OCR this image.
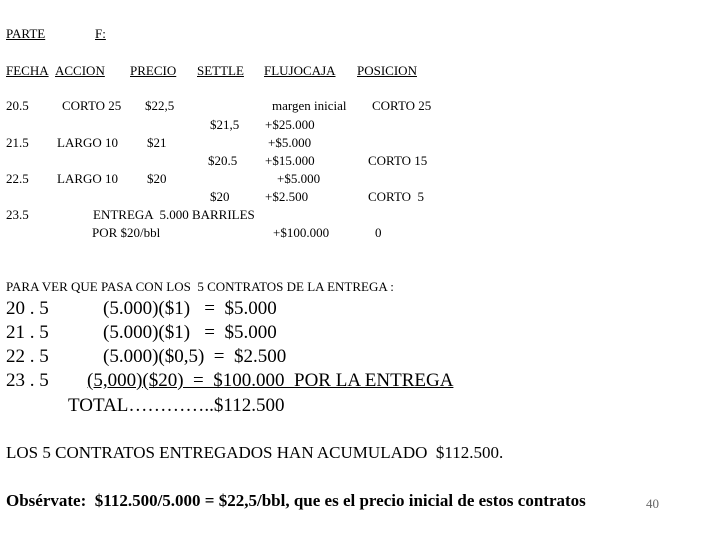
PARTE	F:
FECHA ACCION PRECIO SETTLE FLUJOCAJA POSICION
20.5	CORTO 25 $22,5	margen inicial CORTO 25
$21,5 +$25.000
21.5 LARGO 10 $21	+$5.000
$20.5 +$15.000	CORTO 15
22.5 LARGO 10 $20	+$5.000
$20	+$2.500	CORTO  5
23.5	ENTREGA  5.000 BARRILES
POR $20/bbl	+$100.000	0
PARA VER QUE PASA CON LOS  5 CONTRATOS DE LA ENTREGA :
20 . 5	(5.000)($1)   =  $5.000
21 . 5	(5.000)($1)   =  $5.000
22 . 5	(5.000)($0,5)  =  $2.500
23 . 5 (5,000)($20)  =  $100.000  POR LA ENTREGA
TOTAL…………..$112.500
LOS 5 CONTRATOS ENTREGADOS HAN ACUMULADO  $112.500.
Obsérvate:  $112.500/5.000 = $22,5/bbl, que es el precio inicial de estos contratos	40
